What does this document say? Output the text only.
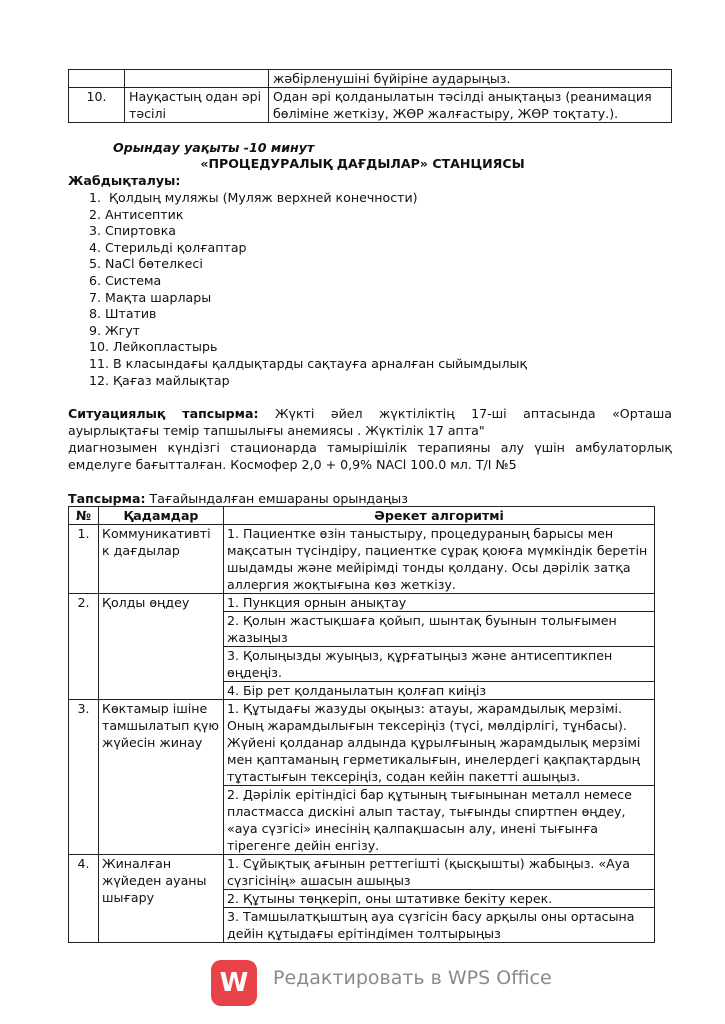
		жәбірленушіні бүйіріне аударыңыз.
10.	Науқастың одан әрі тәсілі	Одан әрі қолданылатын тәсілді анықтаңыз (реанимация бөліміне жеткізу, ЖӨР жалғастыру, ЖӨР тоқтату.).
Орындау уақыты -10 минут
«ПРОЦЕДУРАЛЫҚ ДАҒДЫЛАР» СТАНЦИЯСЫ
Жабдықталуы:
1.  Қолдың муляжы (Муляж верхней конечности)
2. Антисептик
3. Спиртовка
4. Стерильді қолғаптар
5. NaCl бөтелкесі
6. Система
7. Мақта шарлары
8. Штатив
9. Жгут
10. Лейкопластырь
11. В класындағы қалдықтарды сақтауға арналған сыйымдылық
12. Қағаз майлықтар

Ситуациялық тапсырма: Жүкті әйел жүктіліктің 17-ші аптасында «Орташа ауырлықтағы темір тапшылығы анемиясы . Жүктілік 17 апта"

диагнозымен күндізгі стационарда тамырішілік терапияны алу үшін амбулаторлық емделуге бағытталған. Космофер 2,0 + 0,9% NACl 100.0 мл. Т/І №5

Тапсырма: Тағайындалған емшараны орындаңыз
№	Қадамдар	Әрекет алгоритмі
1.	Коммуникативті к дағдылар	1. Пациентке өзін таныстыру, процедураның барысы мен мақсатын түсіндіру, пациентке сұрақ қоюға мүмкіндік беретін шыдамды және мейірімді тонды қолдану. Осы дәрілік затқа аллергия жоқтығына көз жеткізу.
2.	Қолды өңдеу	1. Пункция орнын анықтау
		2. Қолын жастықшаға қойып, шынтақ буынын толығымен жазыңыз
		3. Қолыңызды жуыңыз, құрғатыңыз және антисептикпен өңдеңіз.
		4. Бір рет қолданылатын қолғап киіңіз
3.	Көктамыр ішіне тамшылатып қүю жүйесін жинау	1. Құтыдағы жазуды оқыңыз: атауы, жарамдылық мерзімі. Оның жарамдылығын тексеріңіз (түсі, мөлдірлігі, тұнбасы). Жүйені қолданар алдында құрылғының жарамдылық мерзімі мен қаптаманың герметикалығын, инелердегі қақпақтардың тұтастығын тексеріңіз, содан кейін пакетті ашыңыз.
		2. Дәрілік ерітіндісі бар құтының тығынынан металл немесе пластмасса дискіні алып тастау, тығынды спиртпен өңдеу, «ауа сүзгісі» инесінің қалпақшасын алу, инені тығынға тірегенге дейін енгізу.
4.	Жиналған жүйеден ауаны шығару	1. Сұйықтық ағынын реттегішті (қысқышты) жабыңыз. «Ауа сүзгісінің» ашасын ашыңыз
		2. Құтыны төңкеріп, оны штативке бекіту керек.
		3. Тамшылатқыштың ауа сүзгісін басу арқылы оны ортасына дейін құтыдағы ерітіндімен толтырыңыз
W	Редактировать в WPS Office
